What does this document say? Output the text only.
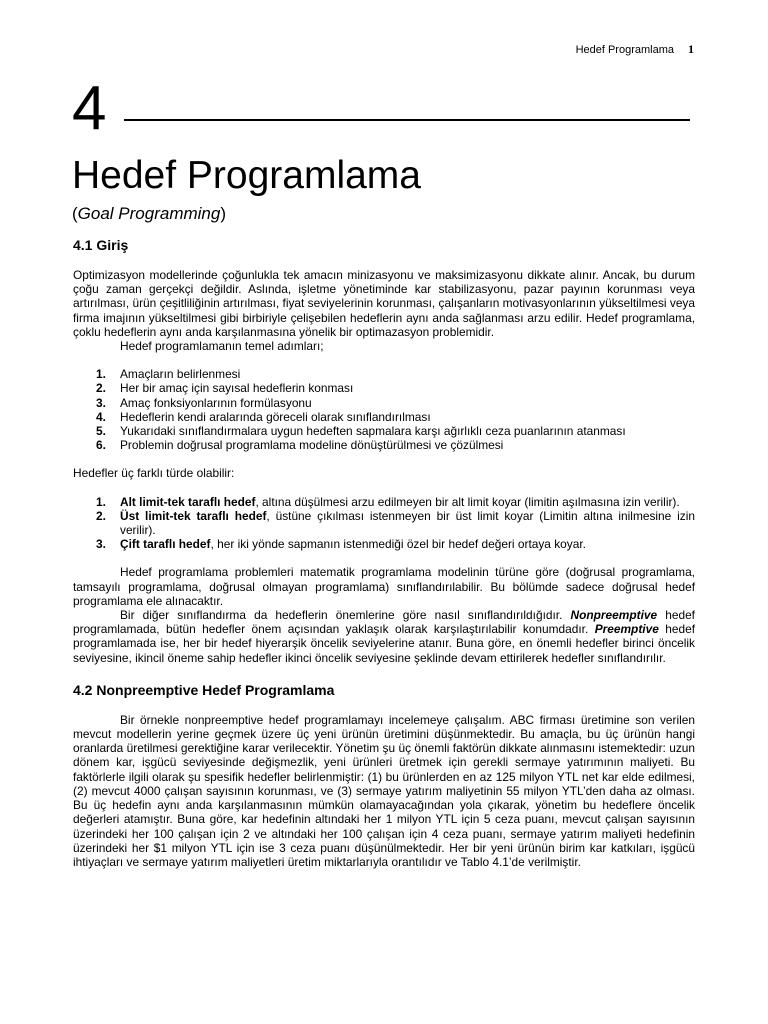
Hedef Programlama 1
4
Hedef Programlama
(Goal Programming)
4.1 Giriş

Optimizasyon modellerinde çoğunlukla tek amacın minizasyonu ve maksimizasyonu dikkate alınır. Ancak, bu durum çoğu zaman gerçekçi değildir. Aslında, işletme yönetiminde kar stabilizasyonu, pazar payının korunması veya artırılması, ürün çeşitliliğinin artırılması, fiyat seviyelerinin korunması, çalışanların motivasyonlarının yükseltilmesi veya firma imajının yükseltilmesi gibi birbiriyle çelişebilen hedeflerin aynı anda sağlanması arzu edilir. Hedef programlama, çoklu hedeflerin aynı anda karşılanmasına yönelik bir optimazasyon problemidir.

Hedef programlamanın temel adımları;

1. Amaçların belirlenmesi
2. Her bir amaç için sayısal hedeflerin konması
3. Amaç fonksiyonlarının formülasyonu
4. Hedeflerin kendi aralarında göreceli olarak sınıflandırılması
5. Yukarıdaki sınıflandırmalara uygun hedeften sapmalara karşı ağırlıklı ceza puanlarının atanması
6. Problemin doğrusal programlama modeline dönüştürülmesi ve çözülmesi

Hedefler üç farklı türde olabilir:

1. Alt limit-tek taraflı hedef, altına düşülmesi arzu edilmeyen bir alt limit koyar (limitin aşılmasına izin verilir).
2. Üst limit-tek taraflı hedef, üstüne çıkılması istenmeyen bir üst limit koyar (Limitin altına inilmesine izin verilir).
3. Çift taraflı hedef, her iki yönde sapmanın istenmediği özel bir hedef değeri ortaya koyar.

Hedef programlama problemleri matematik programlama modelinin türüne göre (doğrusal programlama, tamsayılı programlama, doğrusal olmayan programlama) sınıflandırılabilir. Bu bölümde sadece doğrusal hedef programlama ele alınacaktır.

Bir diğer sınıflandırma da hedeflerin önemlerine göre nasıl sınıflandırıldığıdır. Nonpreemptive hedef programlamada, bütün hedefler önem açısından yaklaşık olarak karşılaştırılabilir konumdadır. Preemptive hedef programlamada ise, her bir hedef hiyerarşik öncelik seviyelerine atanır. Buna göre, en önemli hedefler birinci öncelik seviyesine, ikincil öneme sahip hedefler ikinci öncelik seviyesine şeklinde devam ettirilerek hedefler sınıflandırılır.

4.2 Nonpreemptive Hedef Programlama

Bir örnekle nonpreemptive hedef programlamayı incelemeye çalışalım. ABC firması üretimine son verilen mevcut modellerin yerine geçmek üzere üç yeni ürünün üretimini düşünmektedir. Bu amaçla, bu üç ürünün hangi oranlarda üretilmesi gerektiğine karar verilecektir. Yönetim şu üç önemli faktörün dikkate alınmasını istemektedir: uzun dönem kar, işgücü seviyesinde değişmezlik, yeni ürünleri üretmek için gerekli sermaye yatırımının maliyeti. Bu faktörlerle ilgili olarak şu spesifik hedefler belirlenmiştir: (1) bu ürünlerden en az 125 milyon YTL net kar elde edilmesi, (2) mevcut 4000 çalışan sayısının korunması, ve (3) sermaye yatırım maliyetinin 55 milyon YTL’den daha az olması. Bu üç hedefin aynı anda karşılanmasının mümkün olamayacağından yola çıkarak, yönetim bu hedeflere öncelik değerleri atamıştır. Buna göre, kar hedefinin altındaki her 1 milyon YTL için 5 ceza puanı, mevcut çalışan sayısının üzerindeki her 100 çalışan için 2 ve altındaki her 100 çalışan için 4 ceza puanı, sermaye yatırım maliyeti hedefinin üzerindeki her $1 milyon YTL için ise 3 ceza puanı düşünülmektedir. Her bir yeni ürünün birim kar katkıları, işgücü ihtiyaçları ve sermaye yatırım maliyetleri üretim miktarlarıyla orantılıdır ve Tablo 4.1’de verilmiştir.
